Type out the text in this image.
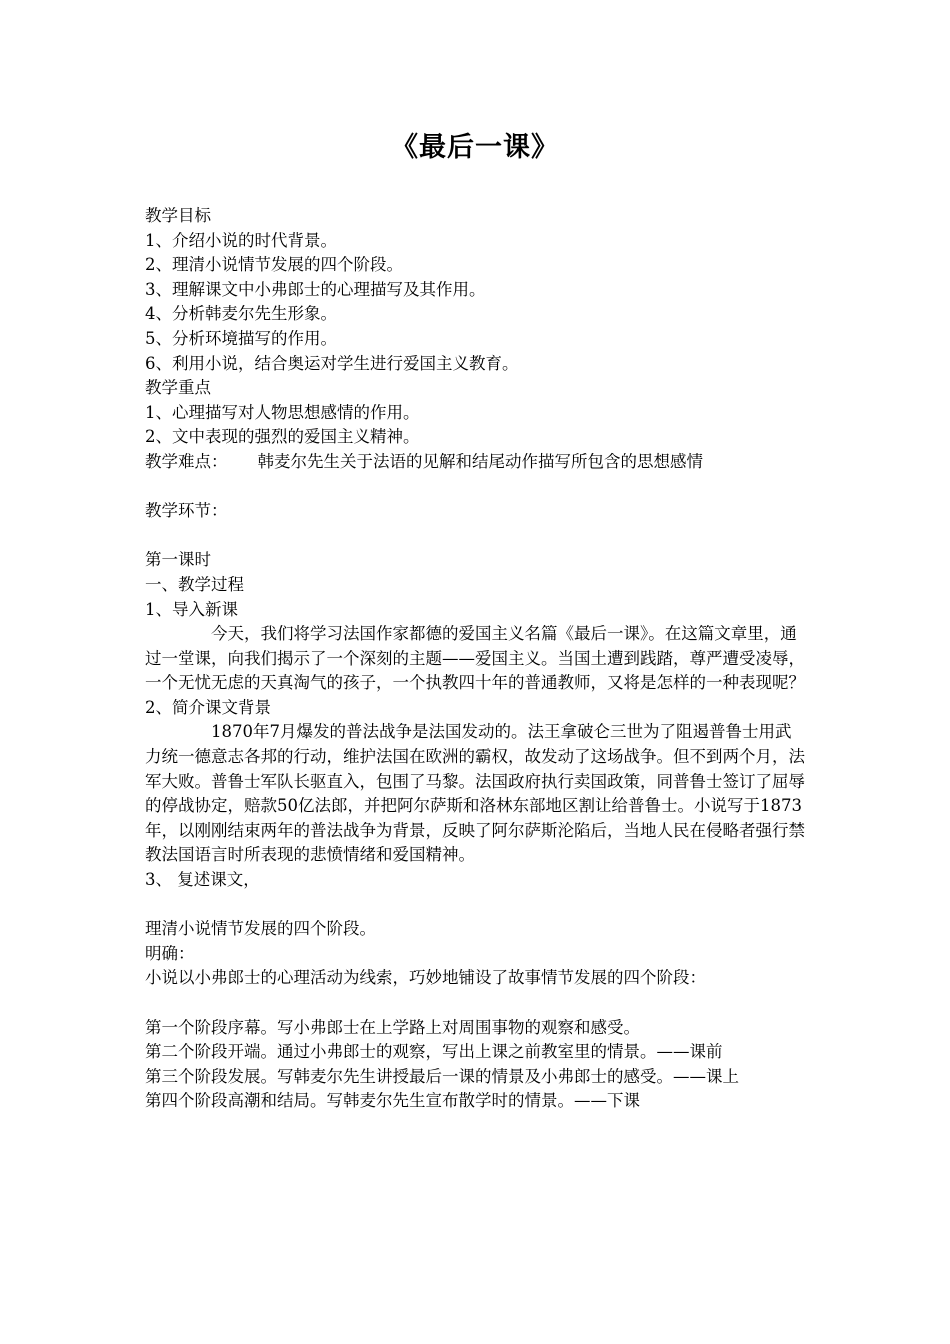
《最后一课》

教学目标

1、介绍小说的时代背景。

2、理清小说情节发展的四个阶段。

3、理解课文中小弗郎士的心理描写及其作用。

4、分析韩麦尔先生形象。

5、分析环境描写的作用。

6、利用小说，结合奥运对学生进行爱国主义教育。

教学重点

1、心理描写对人物思想感情的作用。

2、文中表现的强烈的爱国主义精神。

教学难点： 韩麦尔先生关于法语的见解和结尾动作描写所包含的思想感情

教学环节：

第一课时

一、教学过程

1、导入新课

今天，我们将学习法国作家都德的爱国主义名篇《最后一课》。在这篇文章里，通过一堂课，向我们揭示了一个深刻的主题——爱国主义。当国土遭到践踏，尊严遭受凌辱，一个无忧无虑的天真淘气的孩子，一个执教四十年的普通教师，又将是怎样的一种表现呢？

2、简介课文背景

1870年7月爆发的普法战争是法国发动的。法王拿破仑三世为了阻遏普鲁士用武力统一德意志各邦的行动，维护法国在欧洲的霸权，故发动了这场战争。但不到两个月，法军大败。普鲁士军队长驱直入，包围了马黎。法国政府执行卖国政策，同普鲁士签订了屈辱的停战协定，赔款50亿法郎，并把阿尔萨斯和洛林东部地区割让给普鲁士。小说写于1873年，以刚刚结束两年的普法战争为背景，反映了阿尔萨斯沦陷后，当地人民在侵略者强行禁教法国语言时所表现的悲愤情绪和爱国精神。

3、 复述课文，

理清小说情节发展的四个阶段。

明确：

小说以小弗郎士的心理活动为线索，巧妙地铺设了故事情节发展的四个阶段：

第一个阶段序幕。写小弗郎士在上学路上对周围事物的观察和感受。

第二个阶段开端。通过小弗郎士的观察，写出上课之前教室里的情景。——课前

第三个阶段发展。写韩麦尔先生讲授最后一课的情景及小弗郎士的感受。——课上

第四个阶段高潮和结局。写韩麦尔先生宣布散学时的情景。——下课
